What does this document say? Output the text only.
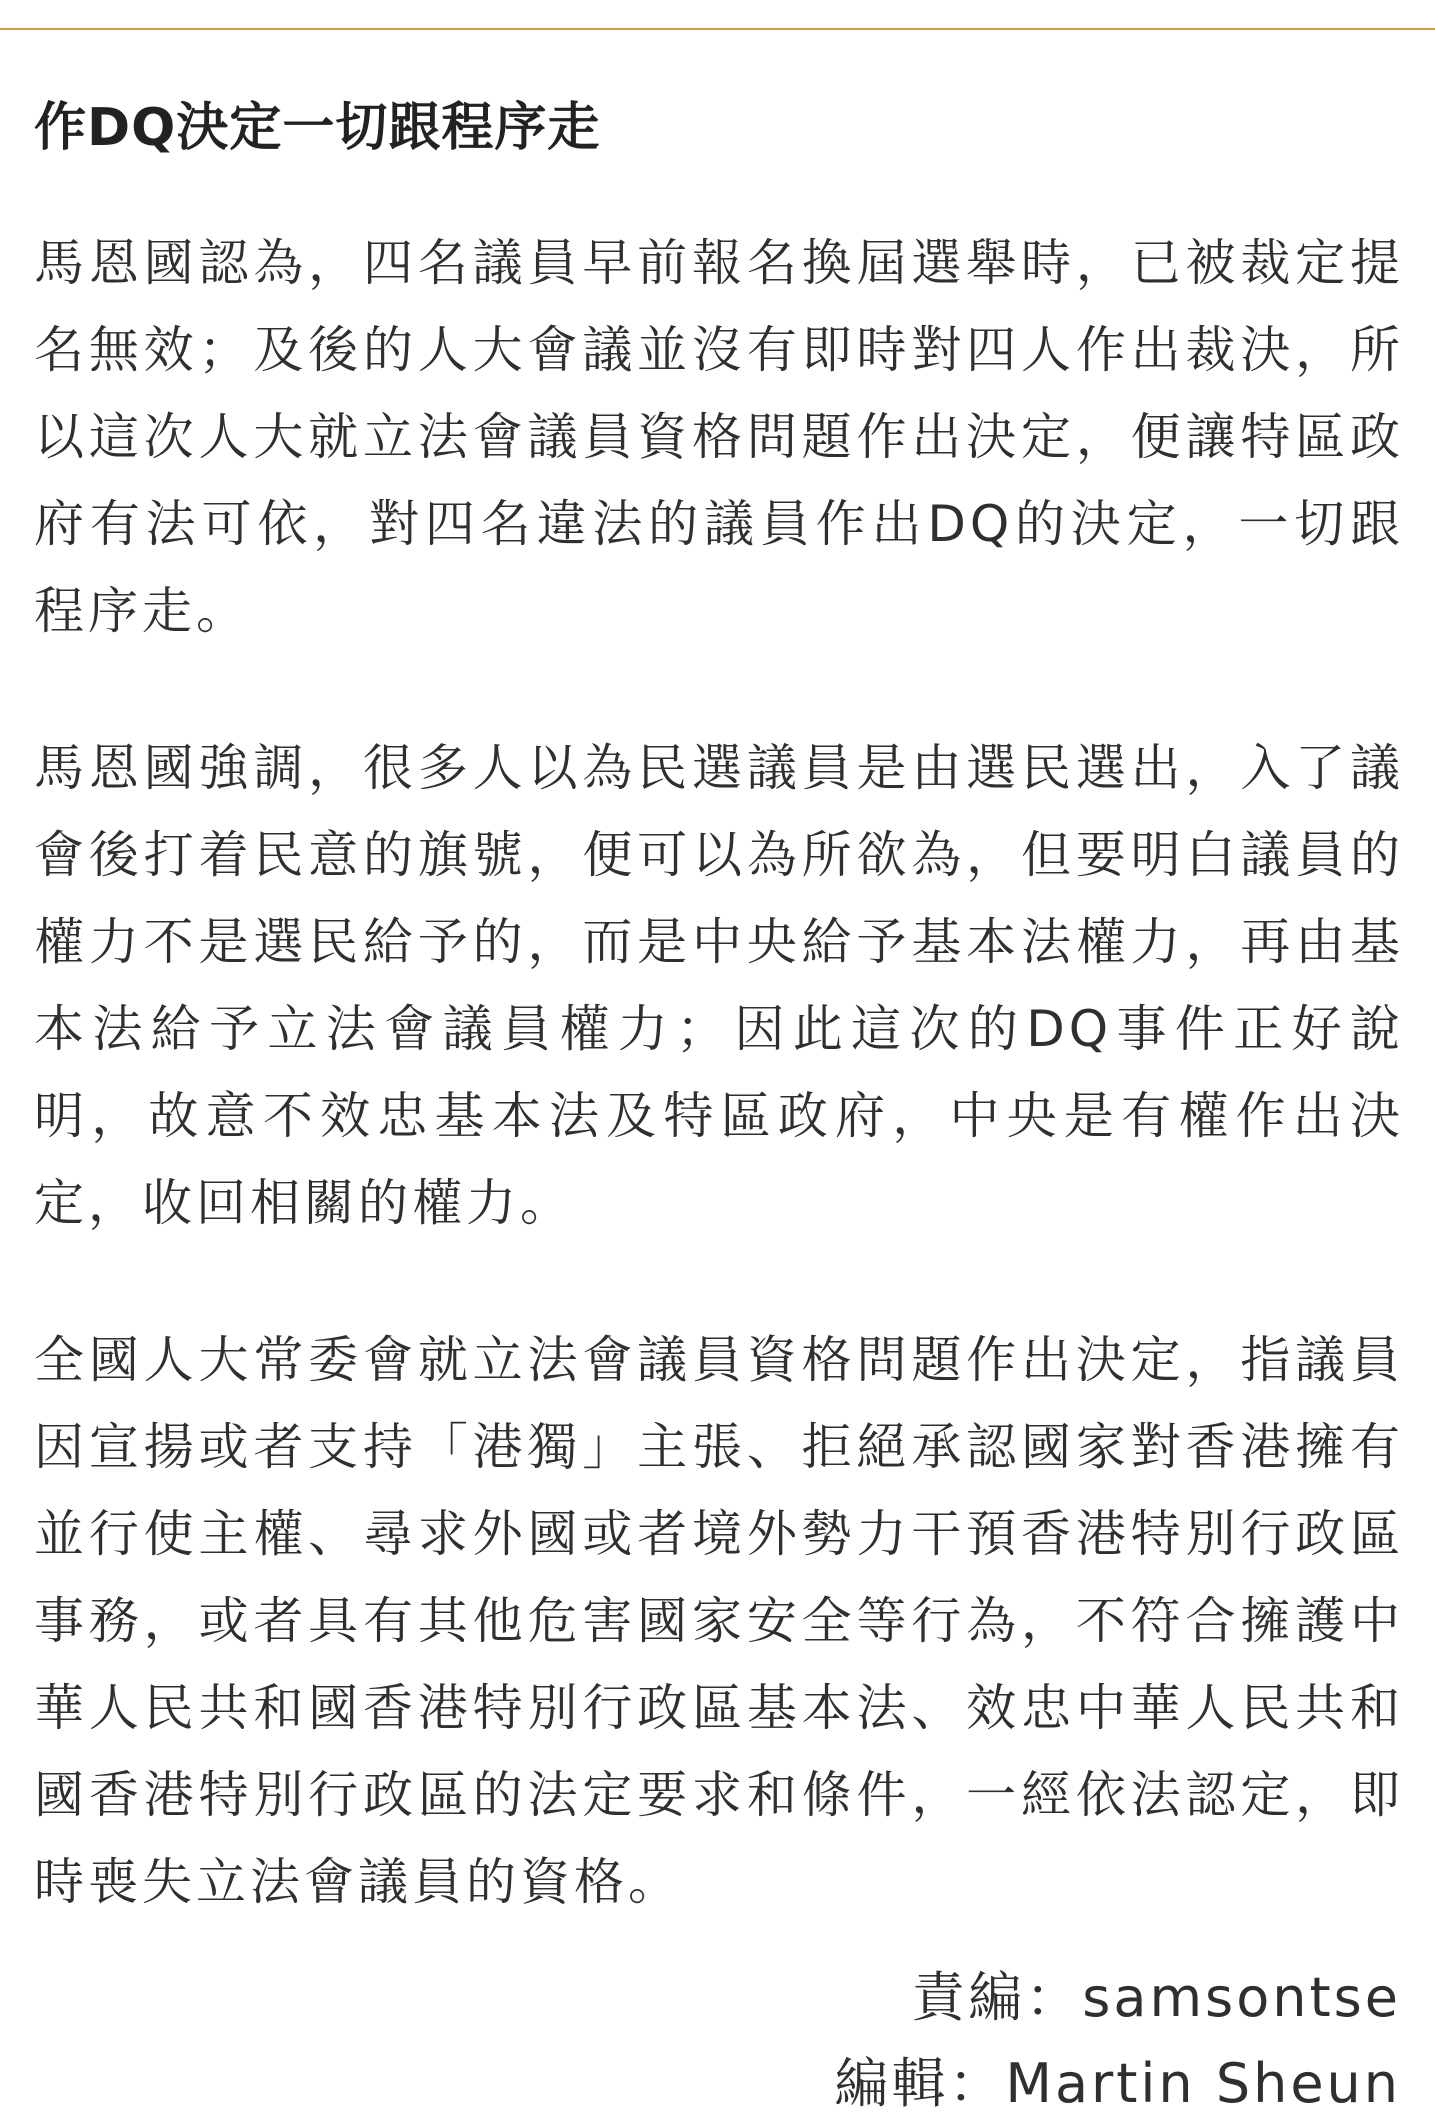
作DQ決定一切跟程序走

馬恩國認為，四名議員早前報名換屆選舉時，已被裁定提名無效；及後的人大會議並沒有即時對四人作出裁決，所以這次人大就立法會議員資格問題作出決定，便讓特區政府有法可依，對四名違法的議員作出DQ的決定，一切跟程序走。

馬恩國強調，很多人以為民選議員是由選民選出，入了議會後打着民意的旗號，便可以為所欲為，但要明白議員的權力不是選民給予的，而是中央給予基本法權力，再由基本法給予立法會議員權力；因此這次的DQ事件正好說明，故意不效忠基本法及特區政府，中央是有權作出決定，收回相關的權力。

全國人大常委會就立法會議員資格問題作出決定，指議員因宣揚或者支持「港獨」主張、拒絕承認國家對香港擁有並行使主權、尋求外國或者境外勢力干預香港特別行政區事務，或者具有其他危害國家安全等行為，不符合擁護中華人民共和國香港特別行政區基本法、效忠中華人民共和國香港特別行政區的法定要求和條件，一經依法認定，即時喪失立法會議員的資格。

責編：samsontse
編輯：Martin Sheun
